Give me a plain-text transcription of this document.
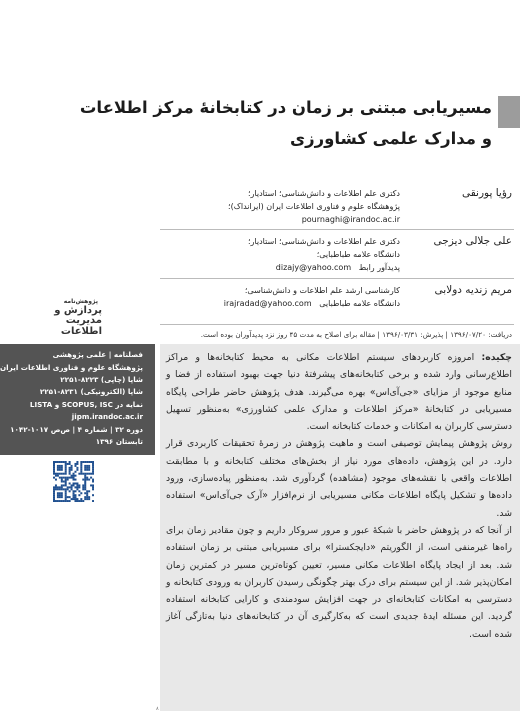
مسیریابی مبتنی بر زمان در کتابخانۀ مرکز اطلاعات و مدارک علمی کشاورزی
رؤیا پورنقی
دکتری علم اطلاعات و دانش‌شناسی؛ استادیار؛
پژوهشگاه علوم و فناوری اطلاعات ایران (ایرانداک)؛
pournaghi@irandoc.ac.ir
علی جلالی دیزجی
دکتری علم اطلاعات و دانش‌شناسی؛ استادیار؛
دانشگاه علامه طباطبایی؛
پدیدآور رابط   dizajy@yahoo.com
مریم زندیه دولابی
کارشناسی ارشد علم اطلاعات و دانش‌شناسی؛
دانشگاه علامه طباطبایی   irajradad@yahoo.com
دریافت: ۱۳۹۶/۰۷/۲۰ | پذیرش: ۱۳۹۶/۰۳/۳۱ | مقاله برای اصلاح به مدت ۴۵ روز نزد پدیدآوران بوده است.
پژوهش‌نامه
پردازش و
مدیریت
اطلاعات
فصلنامه | علمی پژوهشی
پژوهشگاه علوم و فناوری اطلاعات ایران
شاپا (چاپی) ۸۲۲۳-۲۲۵۱
شاپا (الکترونیکی) ۸۲۳۱-۲۲۵۱
نمایه در SCOPUS, ISC و LISTA
jipm.irandoc.ac.ir
دوره ۳۲ | شماره ۴ | ص‌ص ۱۰۱۷-۱۰۴۲
تابستان ۱۳۹۶

چکیده: امروزه کاربردهای سیستم اطلاعات مکانی به محیط کتابخانه‌ها و مراکز اطلاع‌رسانی وارد شده و برخی کتابخانه‌های پیشرفتۀ دنیا جهت بهبود استفاده از فضا و منابع موجود از مزایای «جی‌آی‌اس» بهره می‌گیرند. هدف پژوهش حاضر طراحی پایگاه مسیریابی در کتابخانۀ «مرکز اطلاعات و مدارک علمی کشاورزی» به‌منظور تسهیل دسترسی کاربران به امکانات و خدمات کتابخانه است.

روش پژوهش پیمایش توصیفی است و ماهیت پژوهش در زمرۀ تحقیقات کاربردی قرار دارد. در این پژوهش، داده‌های مورد نیاز از بخش‌های مختلف کتابخانه و با مطابقت اطلاعات واقعی با نقشه‌های موجود (مشاهده) گردآوری شد. به‌منظور پیاده‌سازی، ورود داده‌ها و تشکیل پایگاه اطلاعات مکانی مسیریابی از نرم‌افزار «آرک جی‌آی‌اس» استفاده شد.

از آنجا که در پژوهش حاضر با شبکۀ عبور و مرور سروکار داریم و چون مقادیر زمان برای راه‌ها غیرمنفی است، از الگوریتم «دایجکسترا» برای مسیریابی مبتنی بر زمان استفاده شد. بعد از ایجاد پایگاه اطلاعات مکانی مسیر، تعیین کوتاه‌ترین مسیر در کمترین زمان امکان‌پذیر شد. از این سیستم برای درک بهتر چگونگی رسیدن کاربران به ورودی کتابخانه و دسترسی به امکانات کتابخانه‌ای در جهت افزایش سودمندی و کارایی کتابخانه استفاده گردید. این مسئله ایدۀ جدیدی است که به‌کارگیری آن در کتابخانه‌های دنیا به‌تازگی آغاز شده است.

۸
